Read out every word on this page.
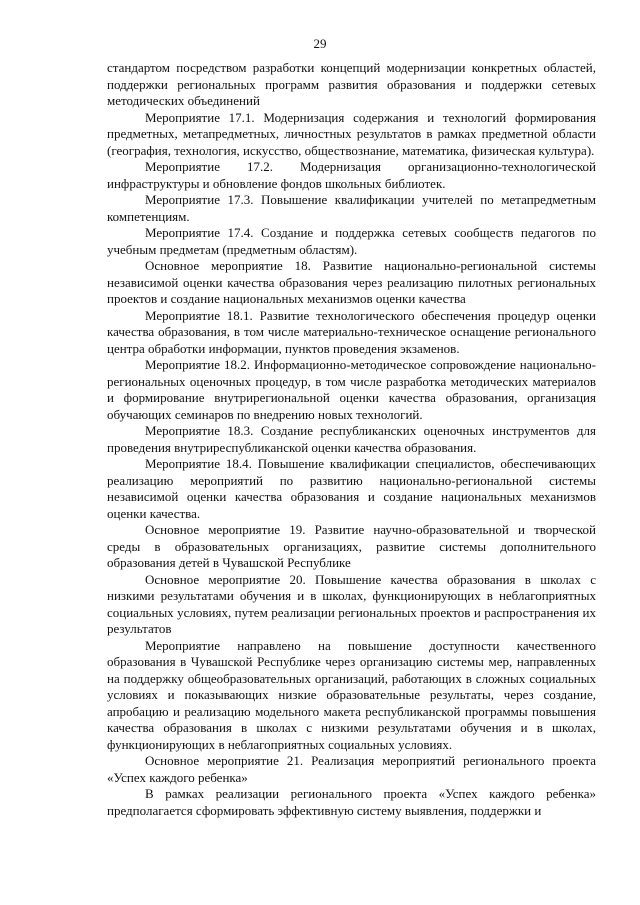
29

стандартом посредством разработки концепций модернизации конкретных областей, поддержки региональных программ развития образования и поддержки сетевых методических объединений

Мероприятие 17.1. Модернизация содержания и технологий формирования предметных, метапредметных, личностных результатов в рамках предметной области (география, технология, искусство, обществознание, математика, физическая культура).

Мероприятие 17.2. Модернизация организационно-технологической инфраструктуры и обновление фондов школьных библиотек.

Мероприятие 17.3. Повышение квалификации учителей по метапредметным компетенциям.

Мероприятие 17.4. Создание и поддержка сетевых сообществ педагогов по учебным предметам (предметным областям).

Основное мероприятие 18. Развитие национально-региональной системы независимой оценки качества образования через реализацию пилотных региональных проектов и создание национальных механизмов оценки качества

Мероприятие 18.1. Развитие технологического обеспечения процедур оценки качества образования, в том числе материально-техническое оснащение регионального центра обработки информации, пунктов проведения экзаменов.

Мероприятие 18.2. Информационно-методическое сопровождение национально-региональных оценочных процедур, в том числе разработка методических материалов и формирование внутрирегиональной оценки качества образования, организация обучающих семинаров по внедрению новых технологий.

Мероприятие 18.3. Создание республиканских оценочных инструментов для проведения внутриреспубликанской оценки качества образования.

Мероприятие 18.4. Повышение квалификации специалистов, обеспечивающих реализацию мероприятий по развитию национально-региональной системы независимой оценки качества образования и создание национальных механизмов оценки качества.

Основное мероприятие 19. Развитие научно-образовательной и творческой среды в образовательных организациях, развитие системы дополнительного образования детей в Чувашской Республике

Основное мероприятие 20. Повышение качества образования в школах с низкими результатами обучения и в школах, функционирующих в неблагоприятных социальных условиях, путем реализации региональных проектов и распространения их результатов

Мероприятие направлено на повышение доступности качественного образования в Чувашской Республике через организацию системы мер, направленных на поддержку общеобразовательных организаций, работающих в сложных социальных условиях и показывающих низкие образовательные результаты, через создание, апробацию и реализацию модельного макета республиканской программы повышения качества образования в школах с низкими результатами обучения и в школах, функционирующих в неблагоприятных социальных условиях.

Основное мероприятие 21. Реализация мероприятий регионального проекта «Успех каждого ребенка»

В рамках реализации регионального проекта «Успех каждого ребенка» предполагается сформировать эффективную систему выявления, поддержки и
